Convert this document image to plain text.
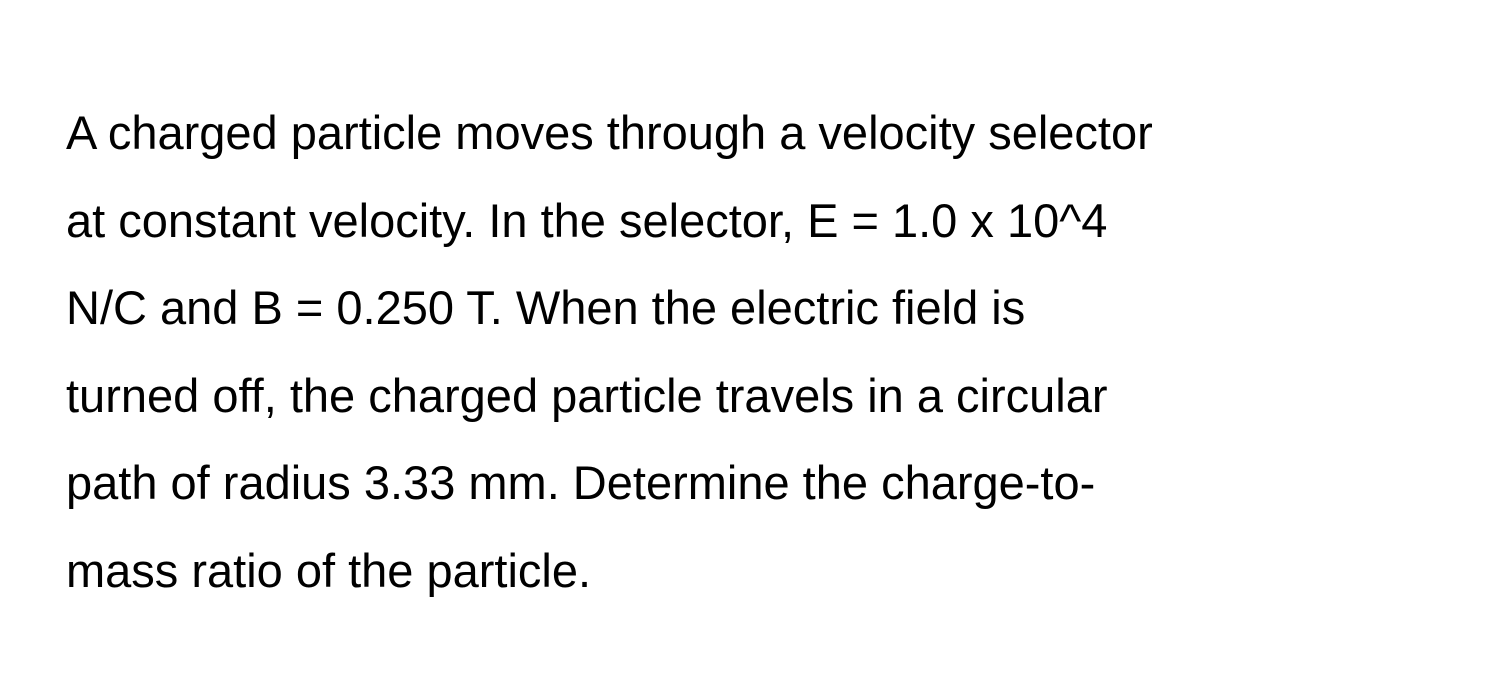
A charged particle moves through a velocity selector
at constant velocity. In the selector, E = 1.0 x 10^4
N/C and B = 0.250 T. When the electric field is
turned off, the charged particle travels in a circular
path of radius 3.33 mm. Determine the charge-to-
mass ratio of the particle.
